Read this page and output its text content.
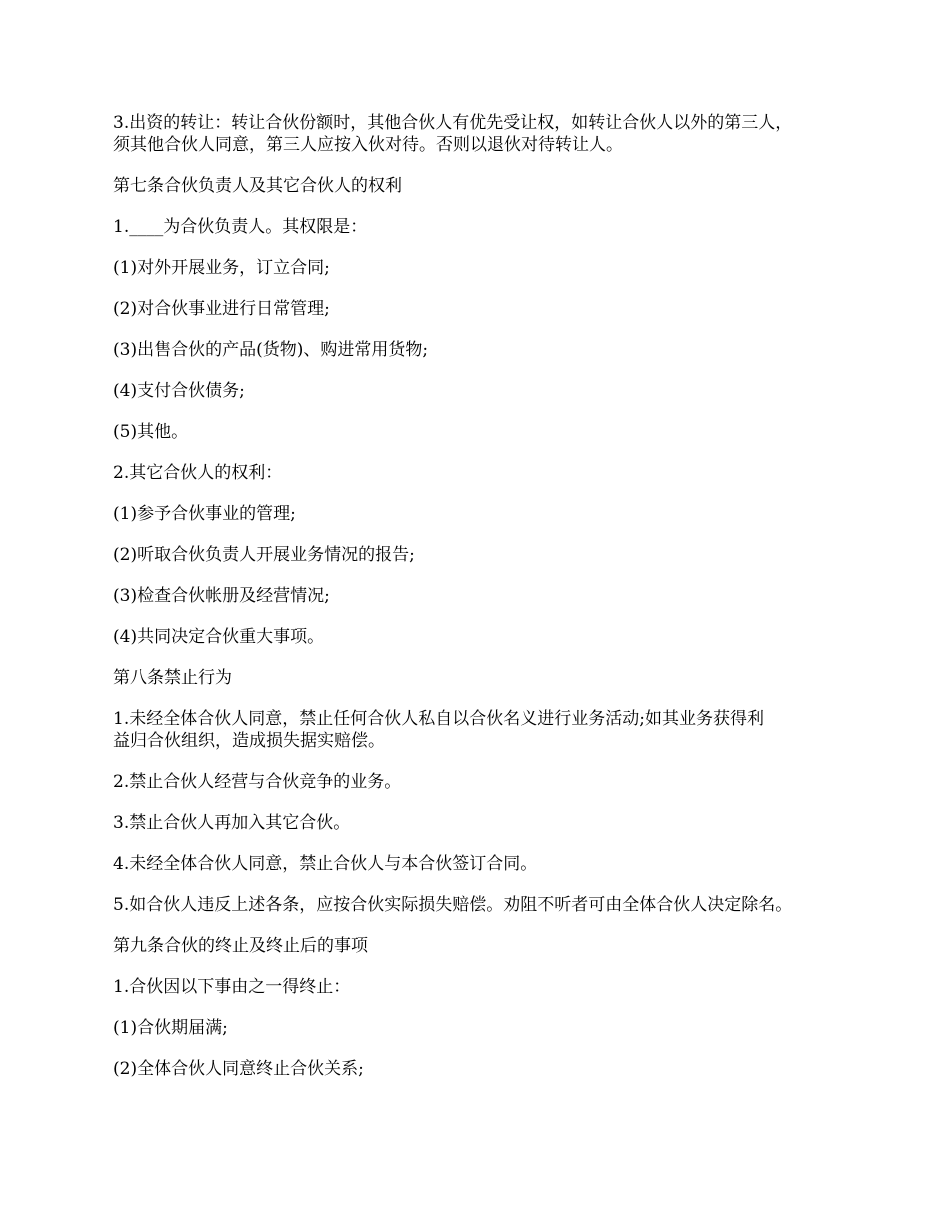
3.出资的转让：转让合伙份额时，其他合伙人有优先受让权，如转让合伙人以外的第三人，
须其他合伙人同意，第三人应按入伙对待。否则以退伙对待转让人。

第七条合伙负责人及其它合伙人的权利

1.____为合伙负责人。其权限是：

(1)对外开展业务，订立合同;

(2)对合伙事业进行日常管理;

(3)出售合伙的产品(货物)、购进常用货物;

(4)支付合伙债务;

(5)其他。

2.其它合伙人的权利：

(1)参予合伙事业的管理;

(2)听取合伙负责人开展业务情况的报告;

(3)检查合伙帐册及经营情况;

(4)共同决定合伙重大事项。

第八条禁止行为

1.未经全体合伙人同意，禁止任何合伙人私自以合伙名义进行业务活动;如其业务获得利
益归合伙组织，造成损失据实赔偿。

2.禁止合伙人经营与合伙竞争的业务。

3.禁止合伙人再加入其它合伙。

4.未经全体合伙人同意，禁止合伙人与本合伙签订合同。

5.如合伙人违反上述各条，应按合伙实际损失赔偿。劝阻不听者可由全体合伙人决定除名。

第九条合伙的终止及终止后的事项

1.合伙因以下事由之一得终止：

(1)合伙期届满;

(2)全体合伙人同意终止合伙关系;
